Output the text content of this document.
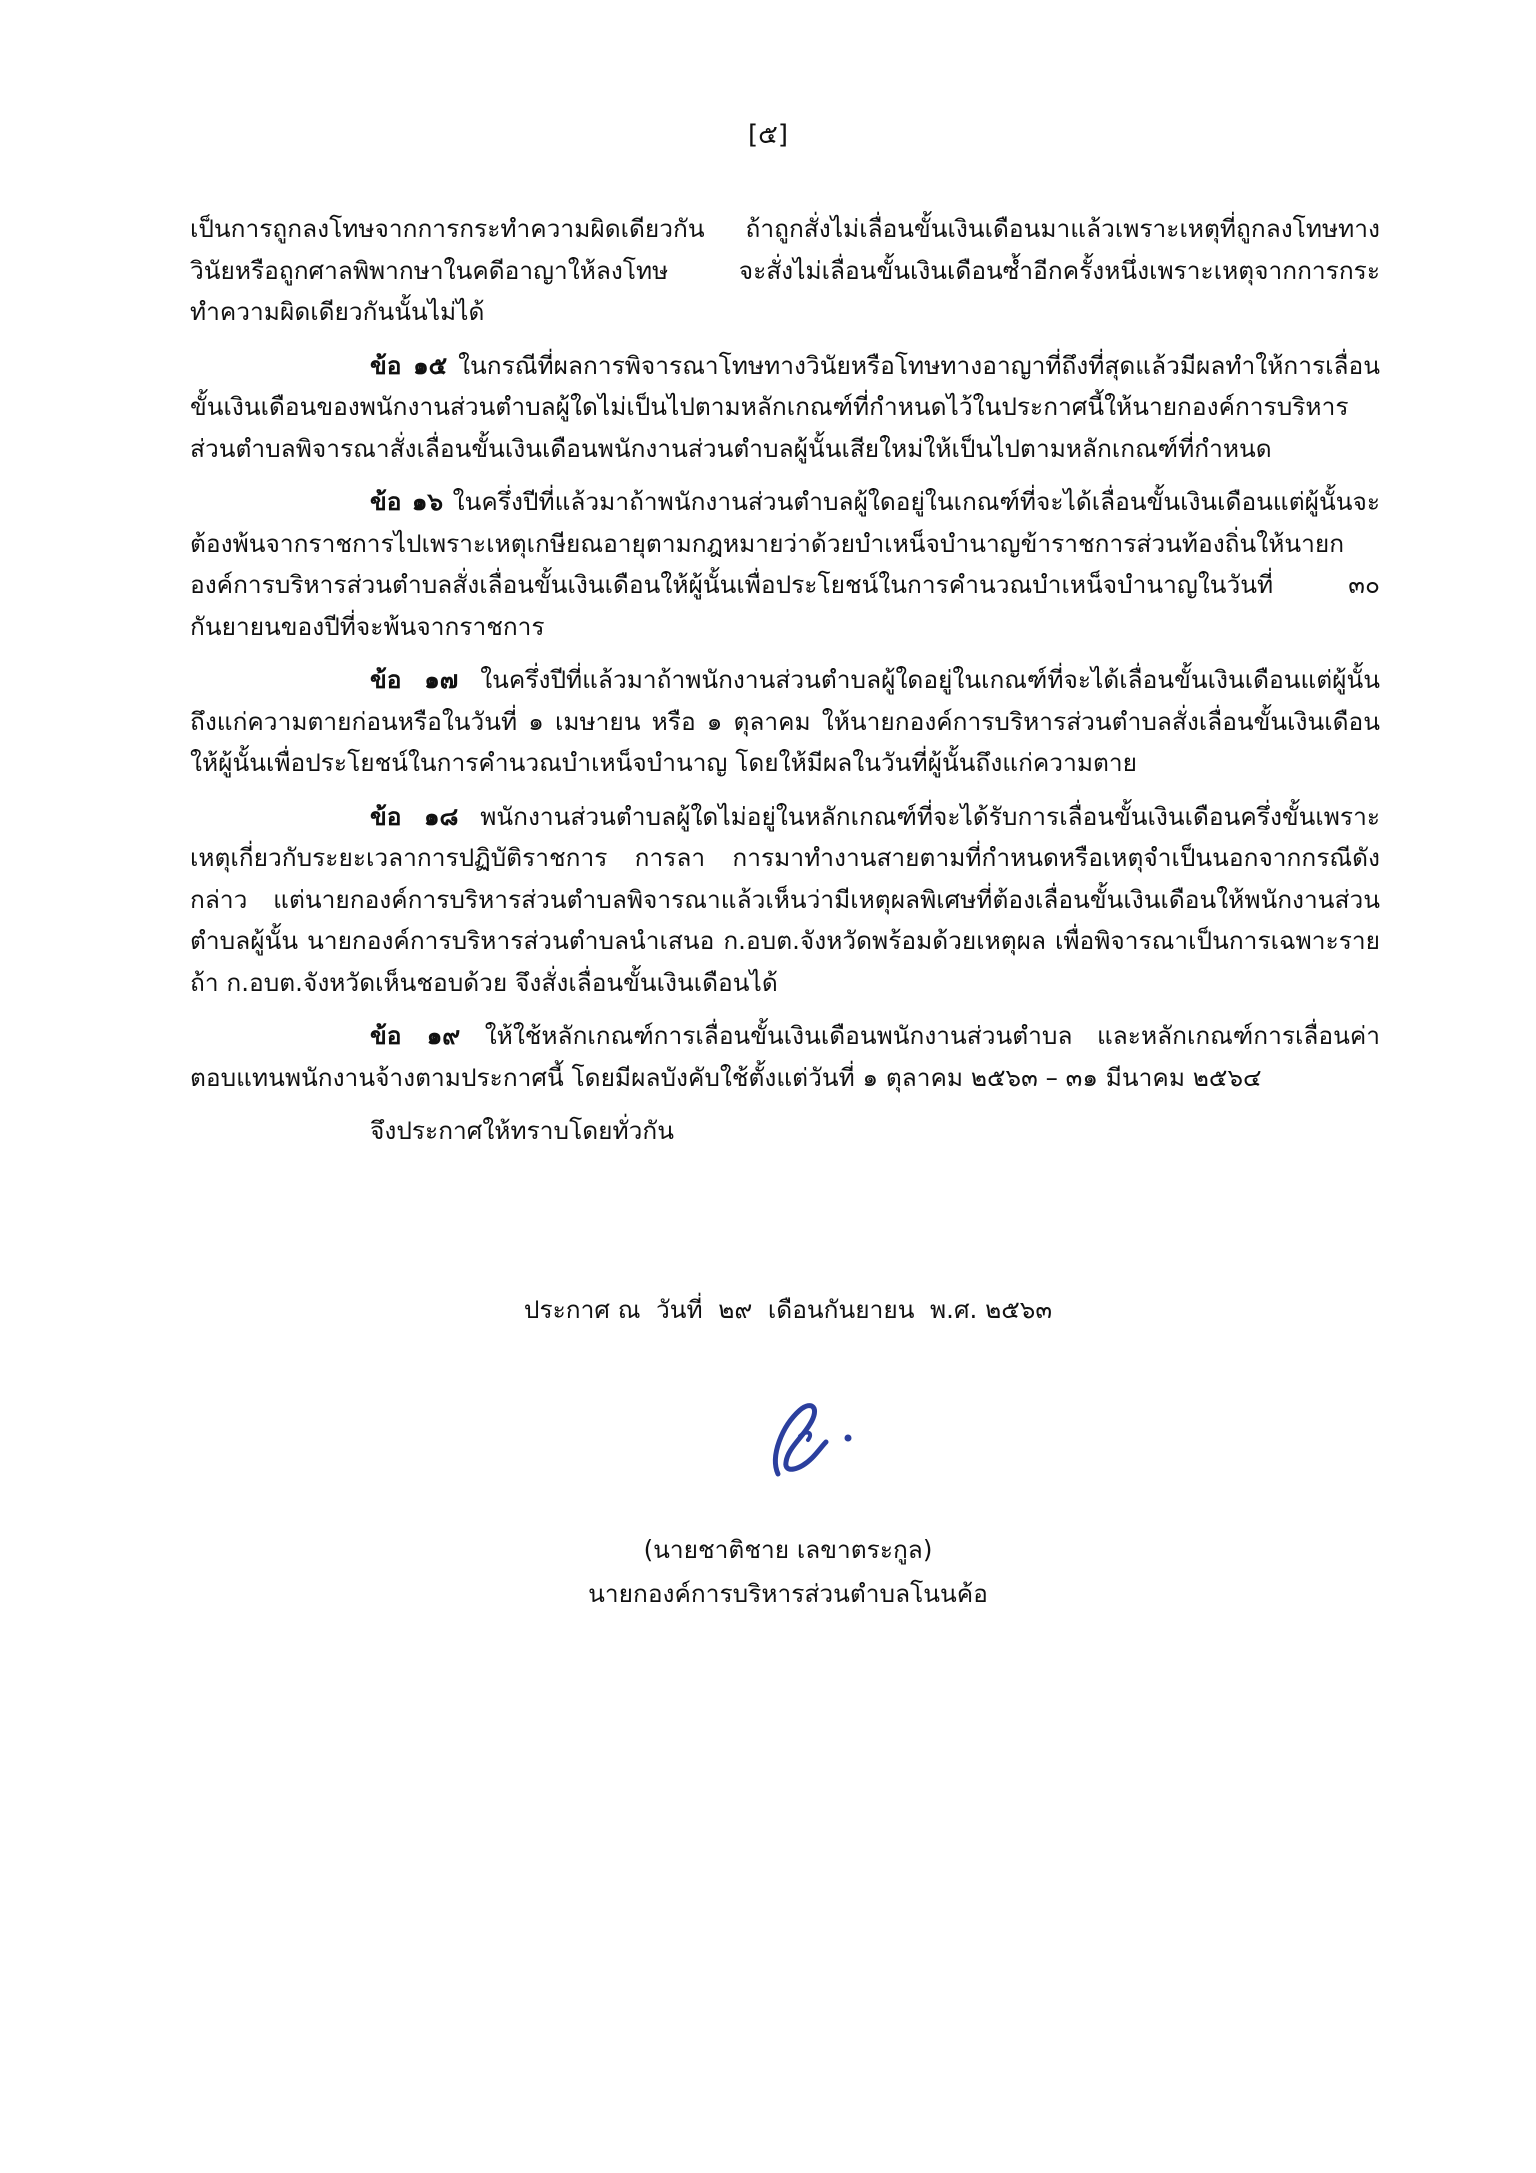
[๕]

เป็นการถูกลงโทษจากการกระทำความผิดเดียวกัน ถ้าถูกสั่งไม่เลื่อนขั้นเงินเดือนมาแล้วเพราะเหตุที่ถูกลงโทษทางวินัยหรือถูกศาลพิพากษาในคดีอาญาให้ลงโทษ จะสั่งไม่เลื่อนขั้นเงินเดือนซ้ำอีกครั้งหนึ่งเพราะเหตุจากการกระทำความผิดเดียวกันนั้นไม่ได้

ข้อ ๑๕ ในกรณีที่ผลการพิจารณาโทษทางวินัยหรือโทษทางอาญาที่ถึงที่สุดแล้วมีผลทำให้การเลื่อนขั้นเงินเดือนของพนักงานส่วนตำบลผู้ใดไม่เป็นไปตามหลักเกณฑ์ที่กำหนดไว้ในประกาศนี้ให้นายกองค์การบริหารส่วนตำบลพิจารณาสั่งเลื่อนขั้นเงินเดือนพนักงานส่วนตำบลผู้นั้นเสียใหม่ให้เป็นไปตามหลักเกณฑ์ที่กำหนด

ข้อ ๑๖ ในครึ่งปีที่แล้วมาถ้าพนักงานส่วนตำบลผู้ใดอยู่ในเกณฑ์ที่จะได้เลื่อนขั้นเงินเดือนแต่ผู้นั้นจะต้องพ้นจากราชการไปเพราะเหตุเกษียณอายุตามกฎหมายว่าด้วยบำเหน็จบำนาญข้าราชการส่วนท้องถิ่นให้นายกองค์การบริหารส่วนตำบลสั่งเลื่อนขั้นเงินเดือนให้ผู้นั้นเพื่อประโยชน์ในการคำนวณบำเหน็จบำนาญในวันที่ ๓๐ กันยายนของปีที่จะพ้นจากราชการ

ข้อ ๑๗ ในครึ่งปีที่แล้วมาถ้าพนักงานส่วนตำบลผู้ใดอยู่ในเกณฑ์ที่จะได้เลื่อนขั้นเงินเดือนแต่ผู้นั้นถึงแก่ความตายก่อนหรือในวันที่ ๑ เมษายน หรือ ๑ ตุลาคม ให้นายกองค์การบริหารส่วนตำบลสั่งเลื่อนขั้นเงินเดือนให้ผู้นั้นเพื่อประโยชน์ในการคำนวณบำเหน็จบำนาญ โดยให้มีผลในวันที่ผู้นั้นถึงแก่ความตาย

ข้อ ๑๘ พนักงานส่วนตำบลผู้ใดไม่อยู่ในหลักเกณฑ์ที่จะได้รับการเลื่อนขั้นเงินเดือนครึ่งขั้นเพราะเหตุเกี่ยวกับระยะเวลาการปฏิบัติราชการ การลา การมาทำงานสายตามที่กำหนดหรือเหตุจำเป็นนอกจากกรณีดังกล่าว แต่นายกองค์การบริหารส่วนตำบลพิจารณาแล้วเห็นว่ามีเหตุผลพิเศษที่ต้องเลื่อนขั้นเงินเดือนให้พนักงานส่วนตำบลผู้นั้น นายกองค์การบริหารส่วนตำบลนำเสนอ ก.อบต.จังหวัดพร้อมด้วยเหตุผล เพื่อพิจารณาเป็นการเฉพาะราย ถ้า ก.อบต.จังหวัดเห็นชอบด้วย จึงสั่งเลื่อนขั้นเงินเดือนได้

ข้อ ๑๙ ให้ใช้หลักเกณฑ์การเลื่อนขั้นเงินเดือนพนักงานส่วนตำบล และหลักเกณฑ์การเลื่อนค่าตอบแทนพนักงานจ้างตามประกาศนี้ โดยมีผลบังคับใช้ตั้งแต่วันที่ ๑ ตุลาคม ๒๕๖๓ – ๓๑ มีนาคม ๒๕๖๔

จึงประกาศให้ทราบโดยทั่วกัน

ประกาศ ณ  วันที่  ๒๙  เดือนกันยายน  พ.ศ. ๒๕๖๓
(นายชาติชาย เลขาตระกูล)
นายกองค์การบริหารส่วนตำบลโนนค้อ
